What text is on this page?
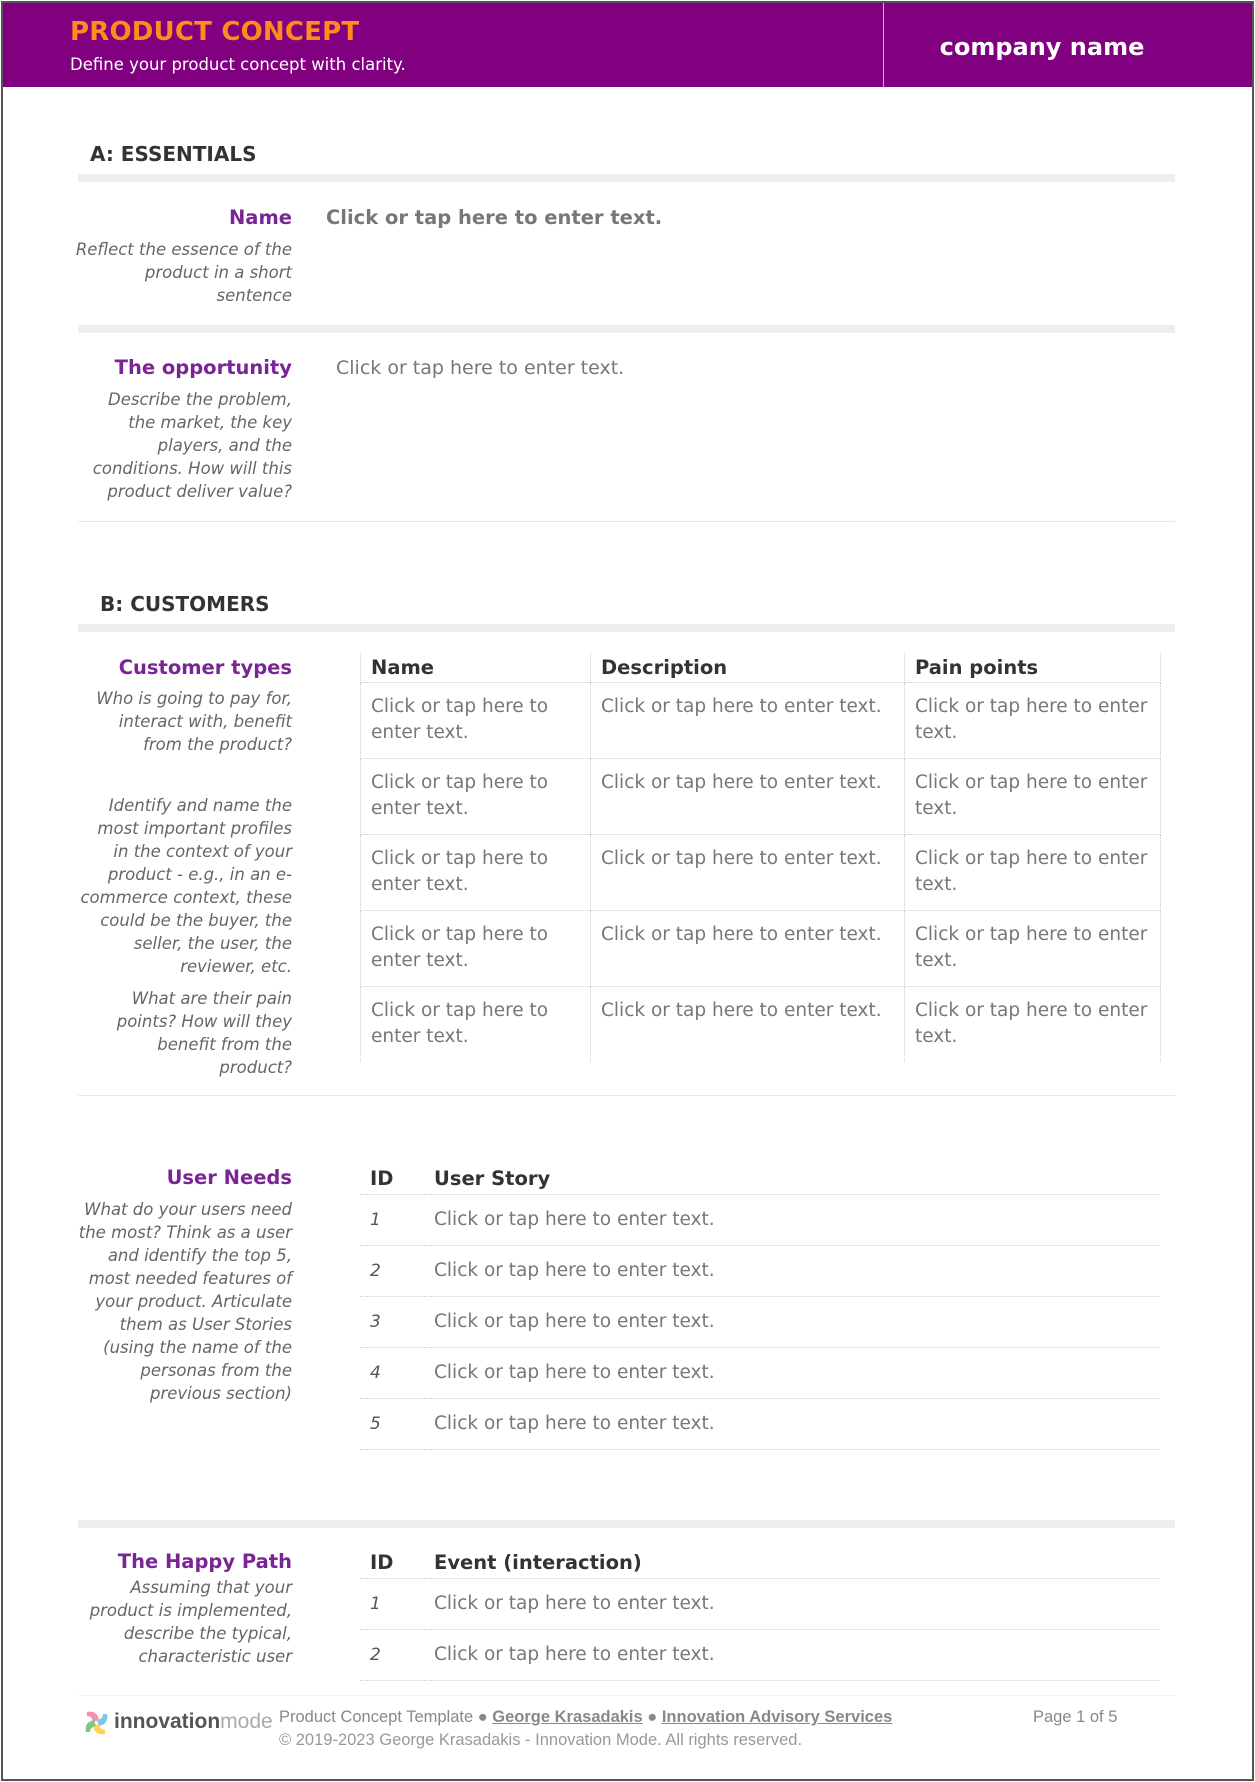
PRODUCT CONCEPT
Define your product concept with clarity.
company name
A: ESSENTIALS
Name
Reflect the essence of the
product in a short
sentence
Click or tap here to enter text.
The opportunity
Describe the problem,
the market, the key
players, and the
conditions. How will this
product deliver value?
Click or tap here to enter text.
B: CUSTOMERS
Customer types
Who is going to pay for,
interact with, benefit
from the product?
Identify and name the
most important profiles
in the context of your
product - e.g., in an e-
commerce context, these
could be the buyer, the
seller, the user, the
reviewer, etc.
What are their pain
points? How will they
benefit from the
product?
Name	Description	Pain points
Click or tap here to enter text.	Click or tap here to enter text.	Click or tap here to enter text.
Click or tap here to enter text.	Click or tap here to enter text.	Click or tap here to enter text.
Click or tap here to enter text.	Click or tap here to enter text.	Click or tap here to enter text.
Click or tap here to enter text.	Click or tap here to enter text.	Click or tap here to enter text.
Click or tap here to enter text.	Click or tap here to enter text.	Click or tap here to enter text.
User Needs
What do your users need
the most? Think as a user
and identify the top 5,
most needed features of
your product. Articulate
them as User Stories
(using the name of the
personas from the
previous section)
ID	User Story
1	Click or tap here to enter text.
2	Click or tap here to enter text.
3	Click or tap here to enter text.
4	Click or tap here to enter text.
5	Click or tap here to enter text.
The Happy Path
Assuming that your
product is implemented,
describe the typical,
characteristic user
ID	Event (interaction)
1	Click or tap here to enter text.
2	Click or tap here to enter text.
innovationmode Product Concept Template ● George Krasadakis ● Innovation Advisory Services
© 2019-2023 George Krasadakis - Innovation Mode. All rights reserved.
Page 1 of 5
